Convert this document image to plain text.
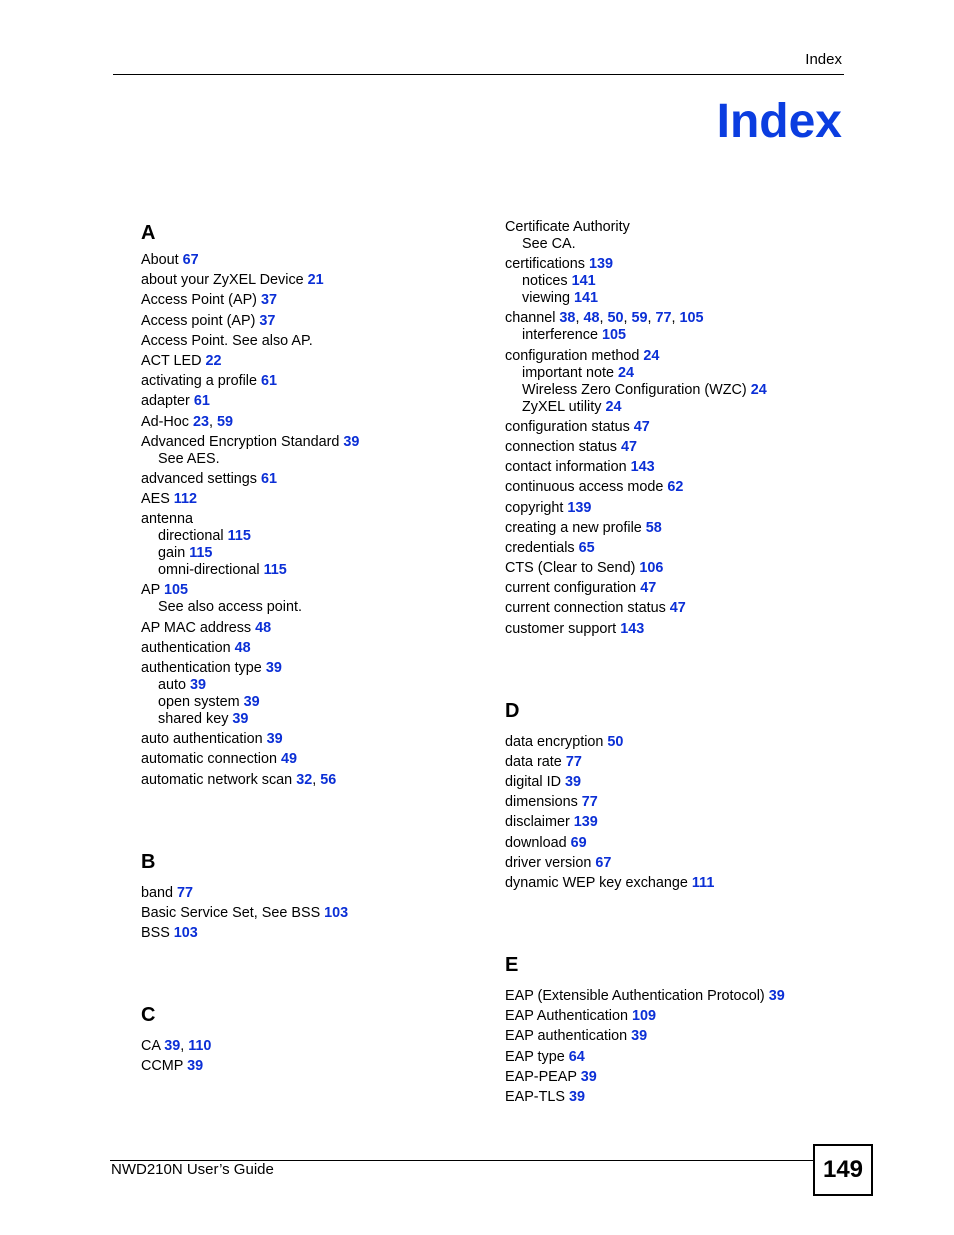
Index
Index
A
About 67
about your ZyXEL Device 21
Access Point (AP) 37
Access point (AP) 37
Access Point. See also AP.
ACT LED 22
activating a profile 61
adapter 61
Ad-Hoc 23, 59
Advanced Encryption Standard 39
See AES.
advanced settings 61
AES 112
antenna
directional 115
gain 115
omni-directional 115
AP 105
See also access point.
AP MAC address 48
authentication 48
authentication type 39
auto 39
open system 39
shared key 39
auto authentication 39
automatic connection 49
automatic network scan 32, 56
B
band 77
Basic Service Set, See BSS 103
BSS 103
C
CA 39, 110
CCMP 39
Certificate Authority
See CA.
certifications 139
notices 141
viewing 141
channel 38, 48, 50, 59, 77, 105
interference 105
configuration method 24
important note 24
Wireless Zero Configuration (WZC) 24
ZyXEL utility 24
configuration status 47
connection status 47
contact information 143
continuous access mode 62
copyright 139
creating a new profile 58
credentials 65
CTS (Clear to Send) 106
current configuration 47
current connection status 47
customer support 143
D
data encryption 50
data rate 77
digital ID 39
dimensions 77
disclaimer 139
download 69
driver version 67
dynamic WEP key exchange 111
E
EAP (Extensible Authentication Protocol) 39
EAP Authentication 109
EAP authentication 39
EAP type 64
EAP-PEAP 39
EAP-TLS 39
NWD210N User’s Guide	149
